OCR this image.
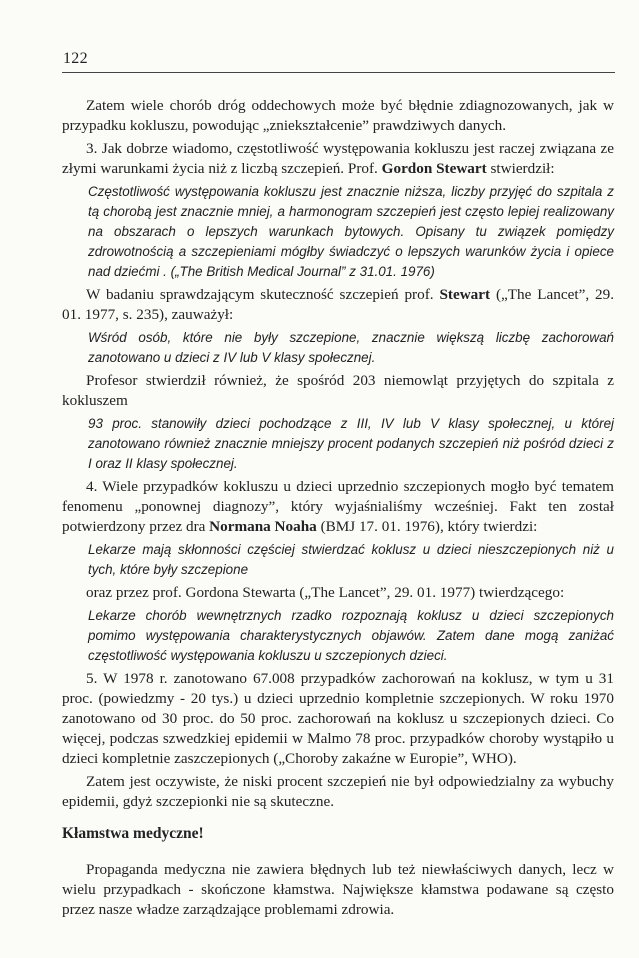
122

Zatem wiele chorób dróg oddechowych może być błędnie zdiagnozowanych, jak w przypadku kokluszu, powodując „zniekształcenie” prawdziwych danych.

3. Jak dobrze wiadomo, częstotliwość występowania kokluszu jest raczej związana ze złymi warunkami życia niż z liczbą szczepień. Prof. Gordon Stewart stwierdził:

Częstotliwość występowania kokluszu jest znacznie niższa, liczby przyjęć do szpitala z tą chorobą jest znacznie mniej, a harmonogram szczepień jest często lepiej realizowany na obszarach o lepszych warunkach bytowych. Opisany tu związek pomiędzy zdrowotnością a szczepieniami mógłby świadczyć o lepszych warunków życia i opiece nad dziećmi . („The British Medical Journal” z 31.01. 1976)

W badaniu sprawdzającym skuteczność szczepień prof. Stewart („The Lancet”, 29. 01. 1977, s. 235), zauważył:

Wśród osób, które nie były szczepione, znacznie większą liczbę zachorowań zanotowano u dzieci z IV lub V klasy społecznej.

Profesor stwierdził również, że spośród 203 niemowląt przyjętych do szpitala z kokluszem

93 proc. stanowiły dzieci pochodzące z III, IV lub V klasy społecznej, u której zanotowano również znacznie mniejszy procent podanych szczepień niż pośród dzieci z I oraz II klasy społecznej.

4. Wiele przypadków kokluszu u dzieci uprzednio szczepionych mogło być tematem fenomenu „ponownej diagnozy”, który wyjaśnialiśmy wcześniej. Fakt ten został potwierdzony przez dra Normana Noaha (BMJ 17. 01. 1976), który twierdzi:

Lekarze mają skłonności częściej stwierdzać koklusz u dzieci nieszczepionych niż u tych, które były szczepione

oraz przez prof. Gordona Stewarta („The Lancet”, 29. 01. 1977) twierdzącego:

Lekarze chorób wewnętrznych rzadko rozpoznają koklusz u dzieci szczepionych pomimo występowania charakterystycznych objawów. Zatem dane mogą zaniżać częstotliwość występowania kokluszu u szczepionych dzieci.

5. W 1978 r. zanotowano 67.008 przypadków zachorowań na koklusz, w tym u 31 proc. (powiedzmy - 20 tys.) u dzieci uprzednio kompletnie szczepionych. W roku 1970 zanotowano od 30 proc. do 50 proc. zachorowań na koklusz u szczepionych dzieci. Co więcej, podczas szwedzkiej epidemii w Malmo 78 proc. przypadków choroby wystąpiło u dzieci kompletnie zaszczepionych („Choroby zakaźne w Europie”, WHO).

Zatem jest oczywiste, że niski procent szczepień nie był odpowiedzialny za wybuchy epidemii, gdyż szczepionki nie są skuteczne.

Kłamstwa medyczne!

Propaganda medyczna nie zawiera błędnych lub też niewłaściwych danych, lecz w wielu przypadkach - skończone kłamstwa. Największe kłamstwa podawane są często przez nasze władze zarządzające problemami zdrowia.
